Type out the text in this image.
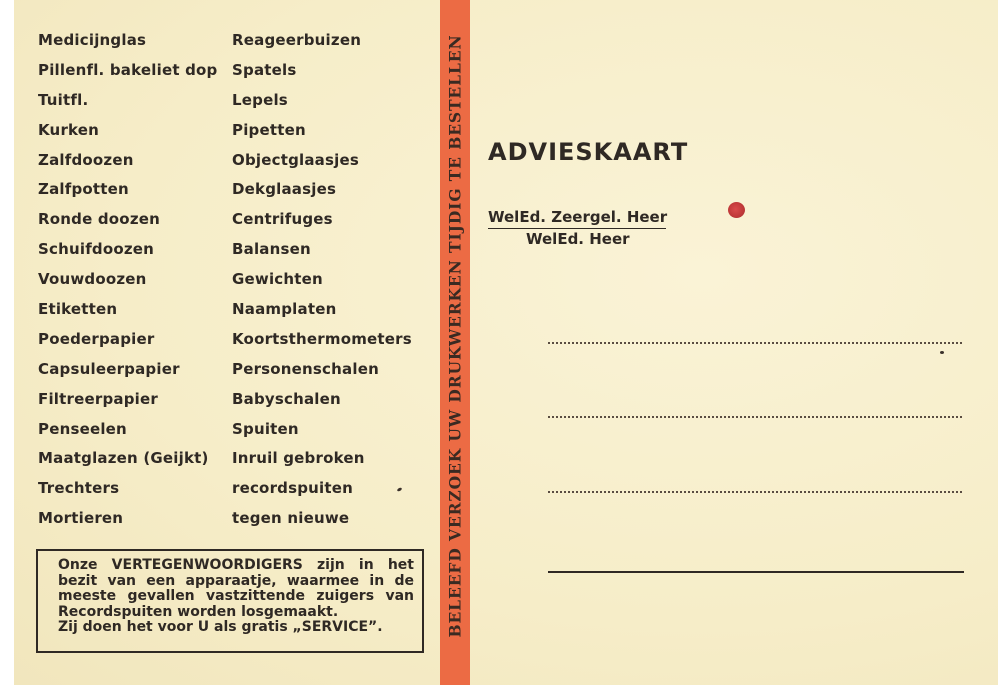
Medicijnglas
Pillenfl. bakeliet dop
Tuitfl.
Kurken
Zalfdoozen
Zalfpotten
Ronde doozen
Schuifdoozen
Vouwdoozen
Etiketten
Poederpapier
Capsuleerpapier
Filtreerpapier
Penseelen
Maatglazen (Geijkt)
Trechters
Mortieren
Reageerbuizen
Spatels
Lepels
Pipetten
Objectglaasjes
Dekglaasjes
Centrifuges
Balansen
Gewichten
Naamplaten
Koortsthermometers
Personenschalen
Babyschalen
Spuiten
Inruil gebroken
recordspuiten
tegen nieuwe
Onze VERTEGENWOORDIGERS zijn in het
bezit van een apparaatje, waarmee in de
meeste gevallen vastzittende zuigers van
Recordspuiten worden losgemaakt.
Zij doen het voor U als gratis „SERVICE”.	BELEEFD VERZOEK UW DRUKWERKEN TIJDIG TE BESTELLEN ADVIESKAART
WelEd. Zeergel. Heer
WelEd. Heer
